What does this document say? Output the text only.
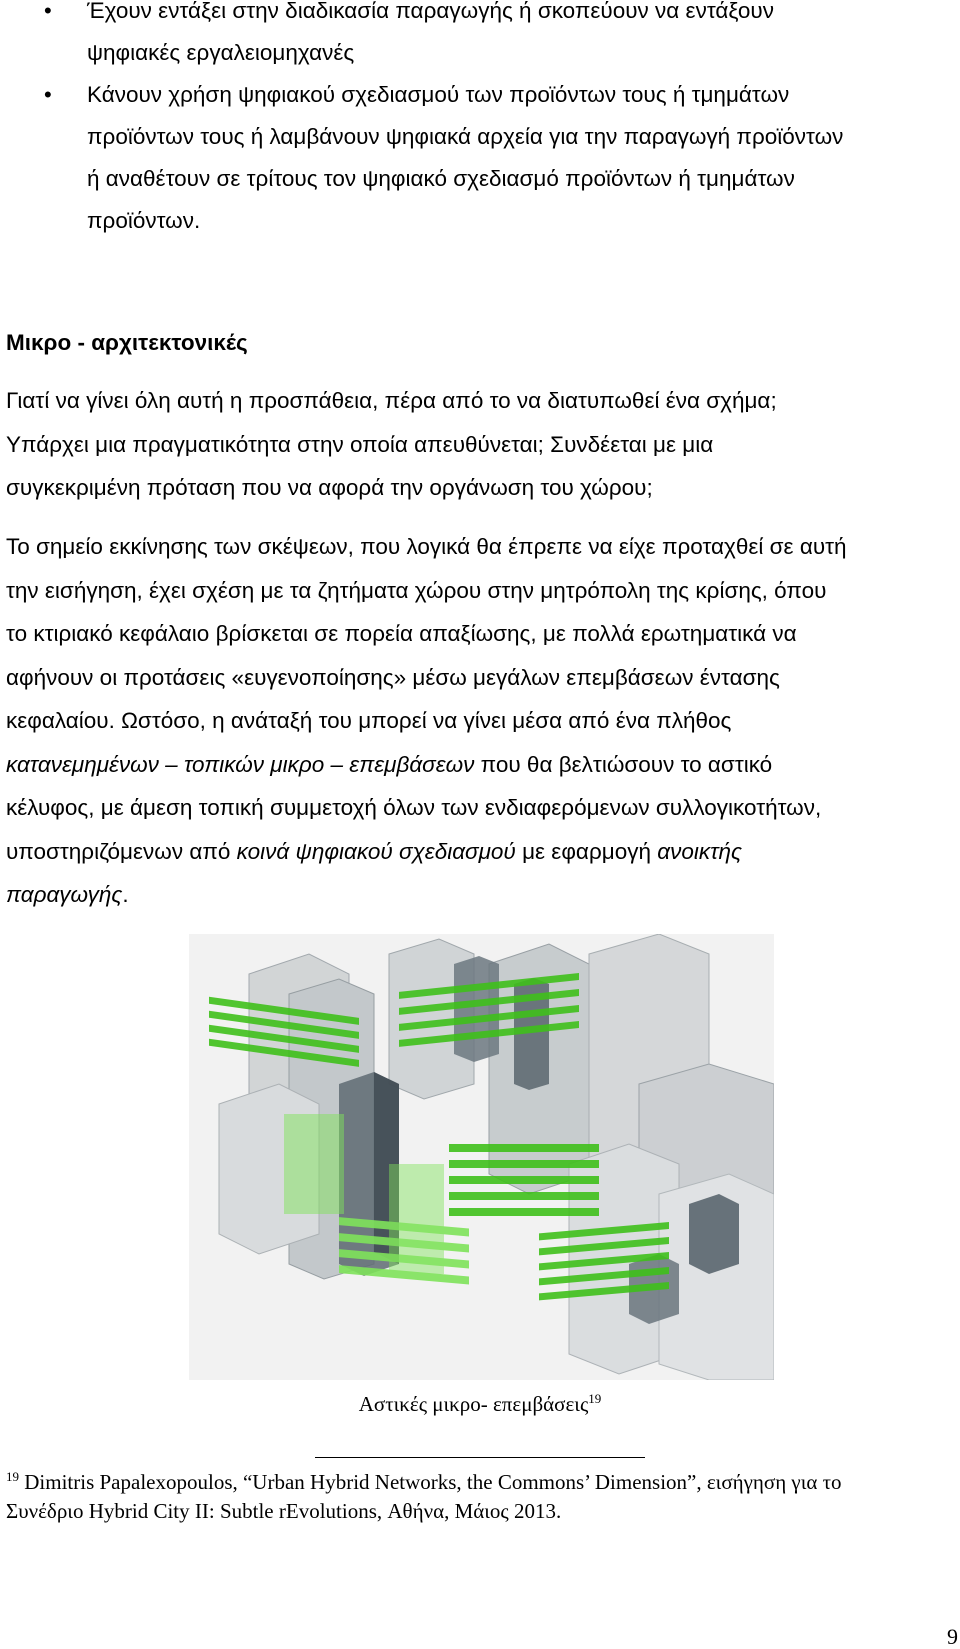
• Έχουν εντάξει στην διαδικασία παραγωγής ή σκοπεύουν να εντάξουν
ψηφιακές εργαλειομηχανές
• Κάνουν χρήση ψηφιακού σχεδιασμού των προϊόντων τους ή τμημάτων
προϊόντων τους ή λαμβάνουν ψηφιακά αρχεία για την παραγωγή προϊόντων
ή αναθέτουν σε τρίτους τον ψηφιακό σχεδιασμό προϊόντων ή τμημάτων
προϊόντων.
Μικρο - αρχιτεκτονικές
Γιατί να γίνει όλη αυτή η προσπάθεια, πέρα από το να διατυπωθεί ένα σχήμα;
Υπάρχει μια πραγματικότητα στην οποία απευθύνεται; Συνδέεται με μια
συγκεκριμένη πρόταση που να αφορά την οργάνωση του χώρου;
Το σημείο εκκίνησης των σκέψεων, που λογικά θα έπρεπε να είχε προταχθεί σε αυτή
την εισήγηση, έχει σχέση με τα ζητήματα χώρου στην μητρόπολη της κρίσης, όπου
το κτιριακό κεφάλαιο βρίσκεται σε πορεία απαξίωσης, με πολλά ερωτηματικά να
αφήνουν οι προτάσεις «ευγενοποίησης» μέσω μεγάλων επεμβάσεων έντασης
κεφαλαίου. Ωστόσο, η ανάταξή του μπορεί να γίνει μέσα από ένα πλήθος
κατανεμημένων – τοπικών μικρο – επεμβάσεων που θα βελτιώσουν το αστικό
κέλυφος, με άμεση τοπική συμμετοχή όλων των ενδιαφερόμενων συλλογικοτήτων,
υποστηριζόμενων από κοινά ψηφιακού σχεδιασμού με εφαρμογή ανοικτής
παραγωγής.
Αστικές μικρο- επεμβάσεις$^{19}$
$^{19}$ Dimitris Papalexopoulos, “Urban Hybrid Networks, the Commons’ Dimension”, εισήγηση για το
Συνέδριο Hybrid City II: Subtle rEvolutions, Αθήνα, Μάιος 2013.
9
